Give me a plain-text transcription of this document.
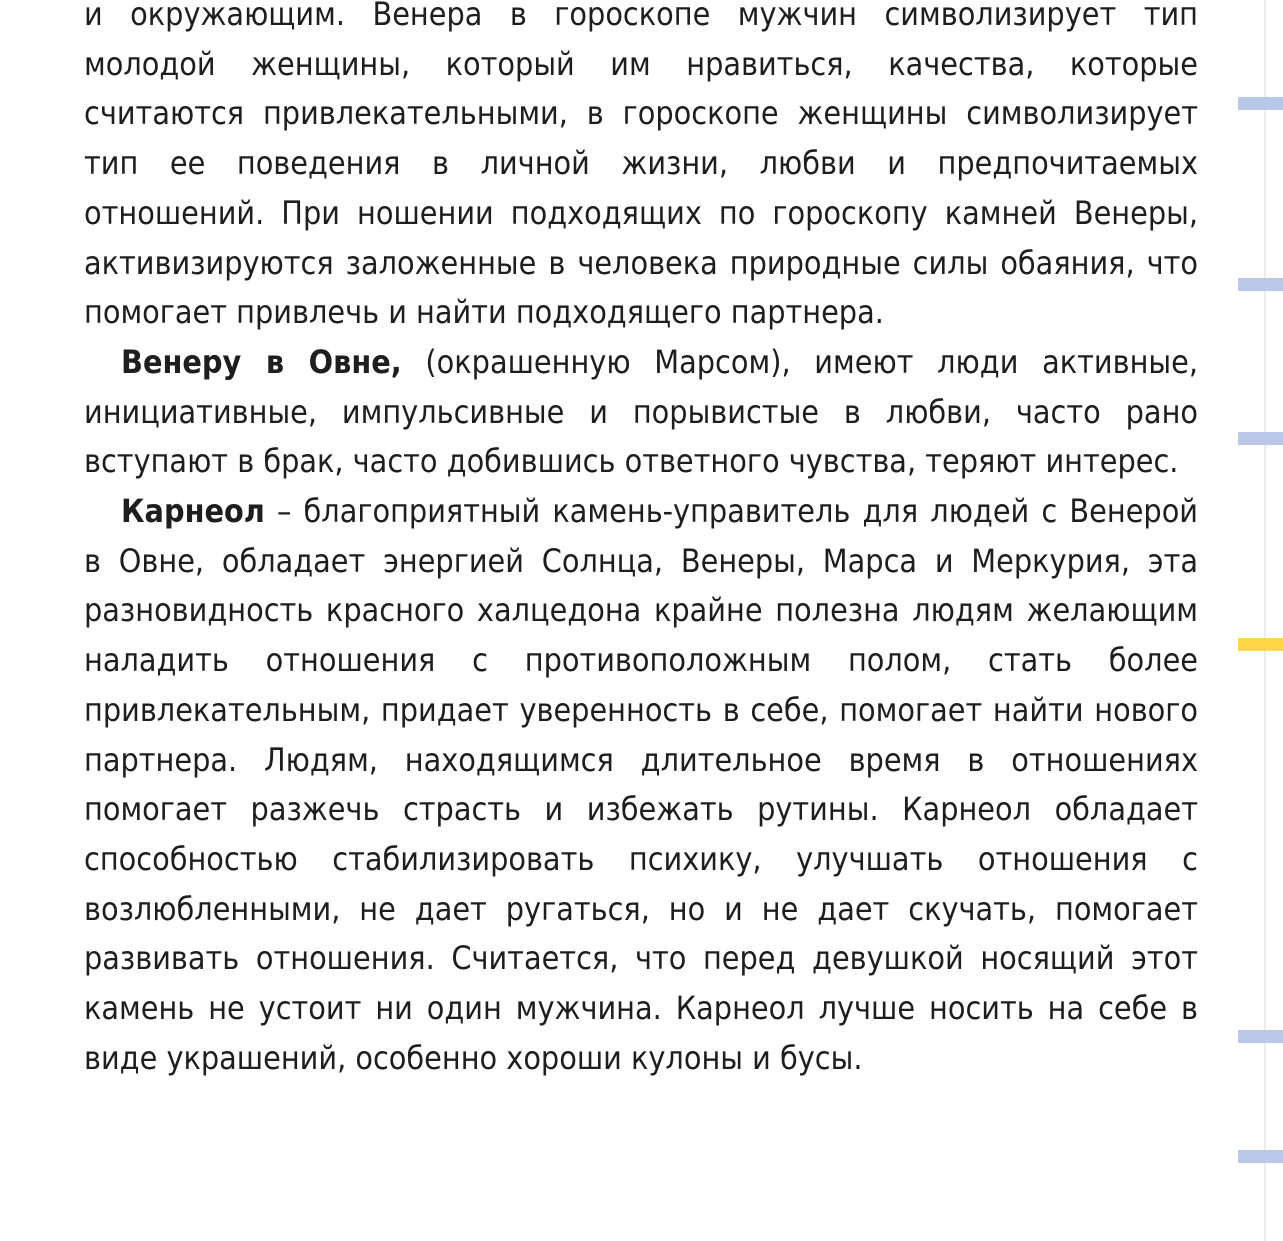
и окружающим. Венера в гороскопе мужчин символизирует тип молодой женщины, который им нравиться, качества, которые считаются привлекательными, в гороскопе женщины символизирует тип ее поведения в личной жизни, любви и предпочитаемых отношений. При ношении подходящих по гороскопу камней Венеры, активизируются заложенные в человека природные силы обаяния, что помогает привлечь и найти подходящего партнера.

Венеру в Овне, (окрашенную Марсом), имеют люди активные, инициативные, импульсивные и порывистые в любви, часто рано вступают в брак, часто добившись ответного чувства, теряют интерес.

Карнеол – благоприятный камень-управитель для людей с Венерой в Овне, обладает энергией Солнца, Венеры, Марса и Меркурия, эта разновидность красного халцедона крайне полезна людям желающим наладить отношения с противоположным полом, стать более привлекательным, придает уверенность в себе, помогает найти нового партнера. Людям, находящимся длительное время в отношениях помогает разжечь страсть и избежать рутины. Карнеол обладает способностью стабилизировать психику, улучшать отношения с возлюбленными, не дает ругаться, но и не дает скучать, помогает развивать отношения. Считается, что перед девушкой носящий этот камень не устоит ни один мужчина. Карнеол лучше носить на себе в виде украшений, особенно хороши кулоны и бусы.
